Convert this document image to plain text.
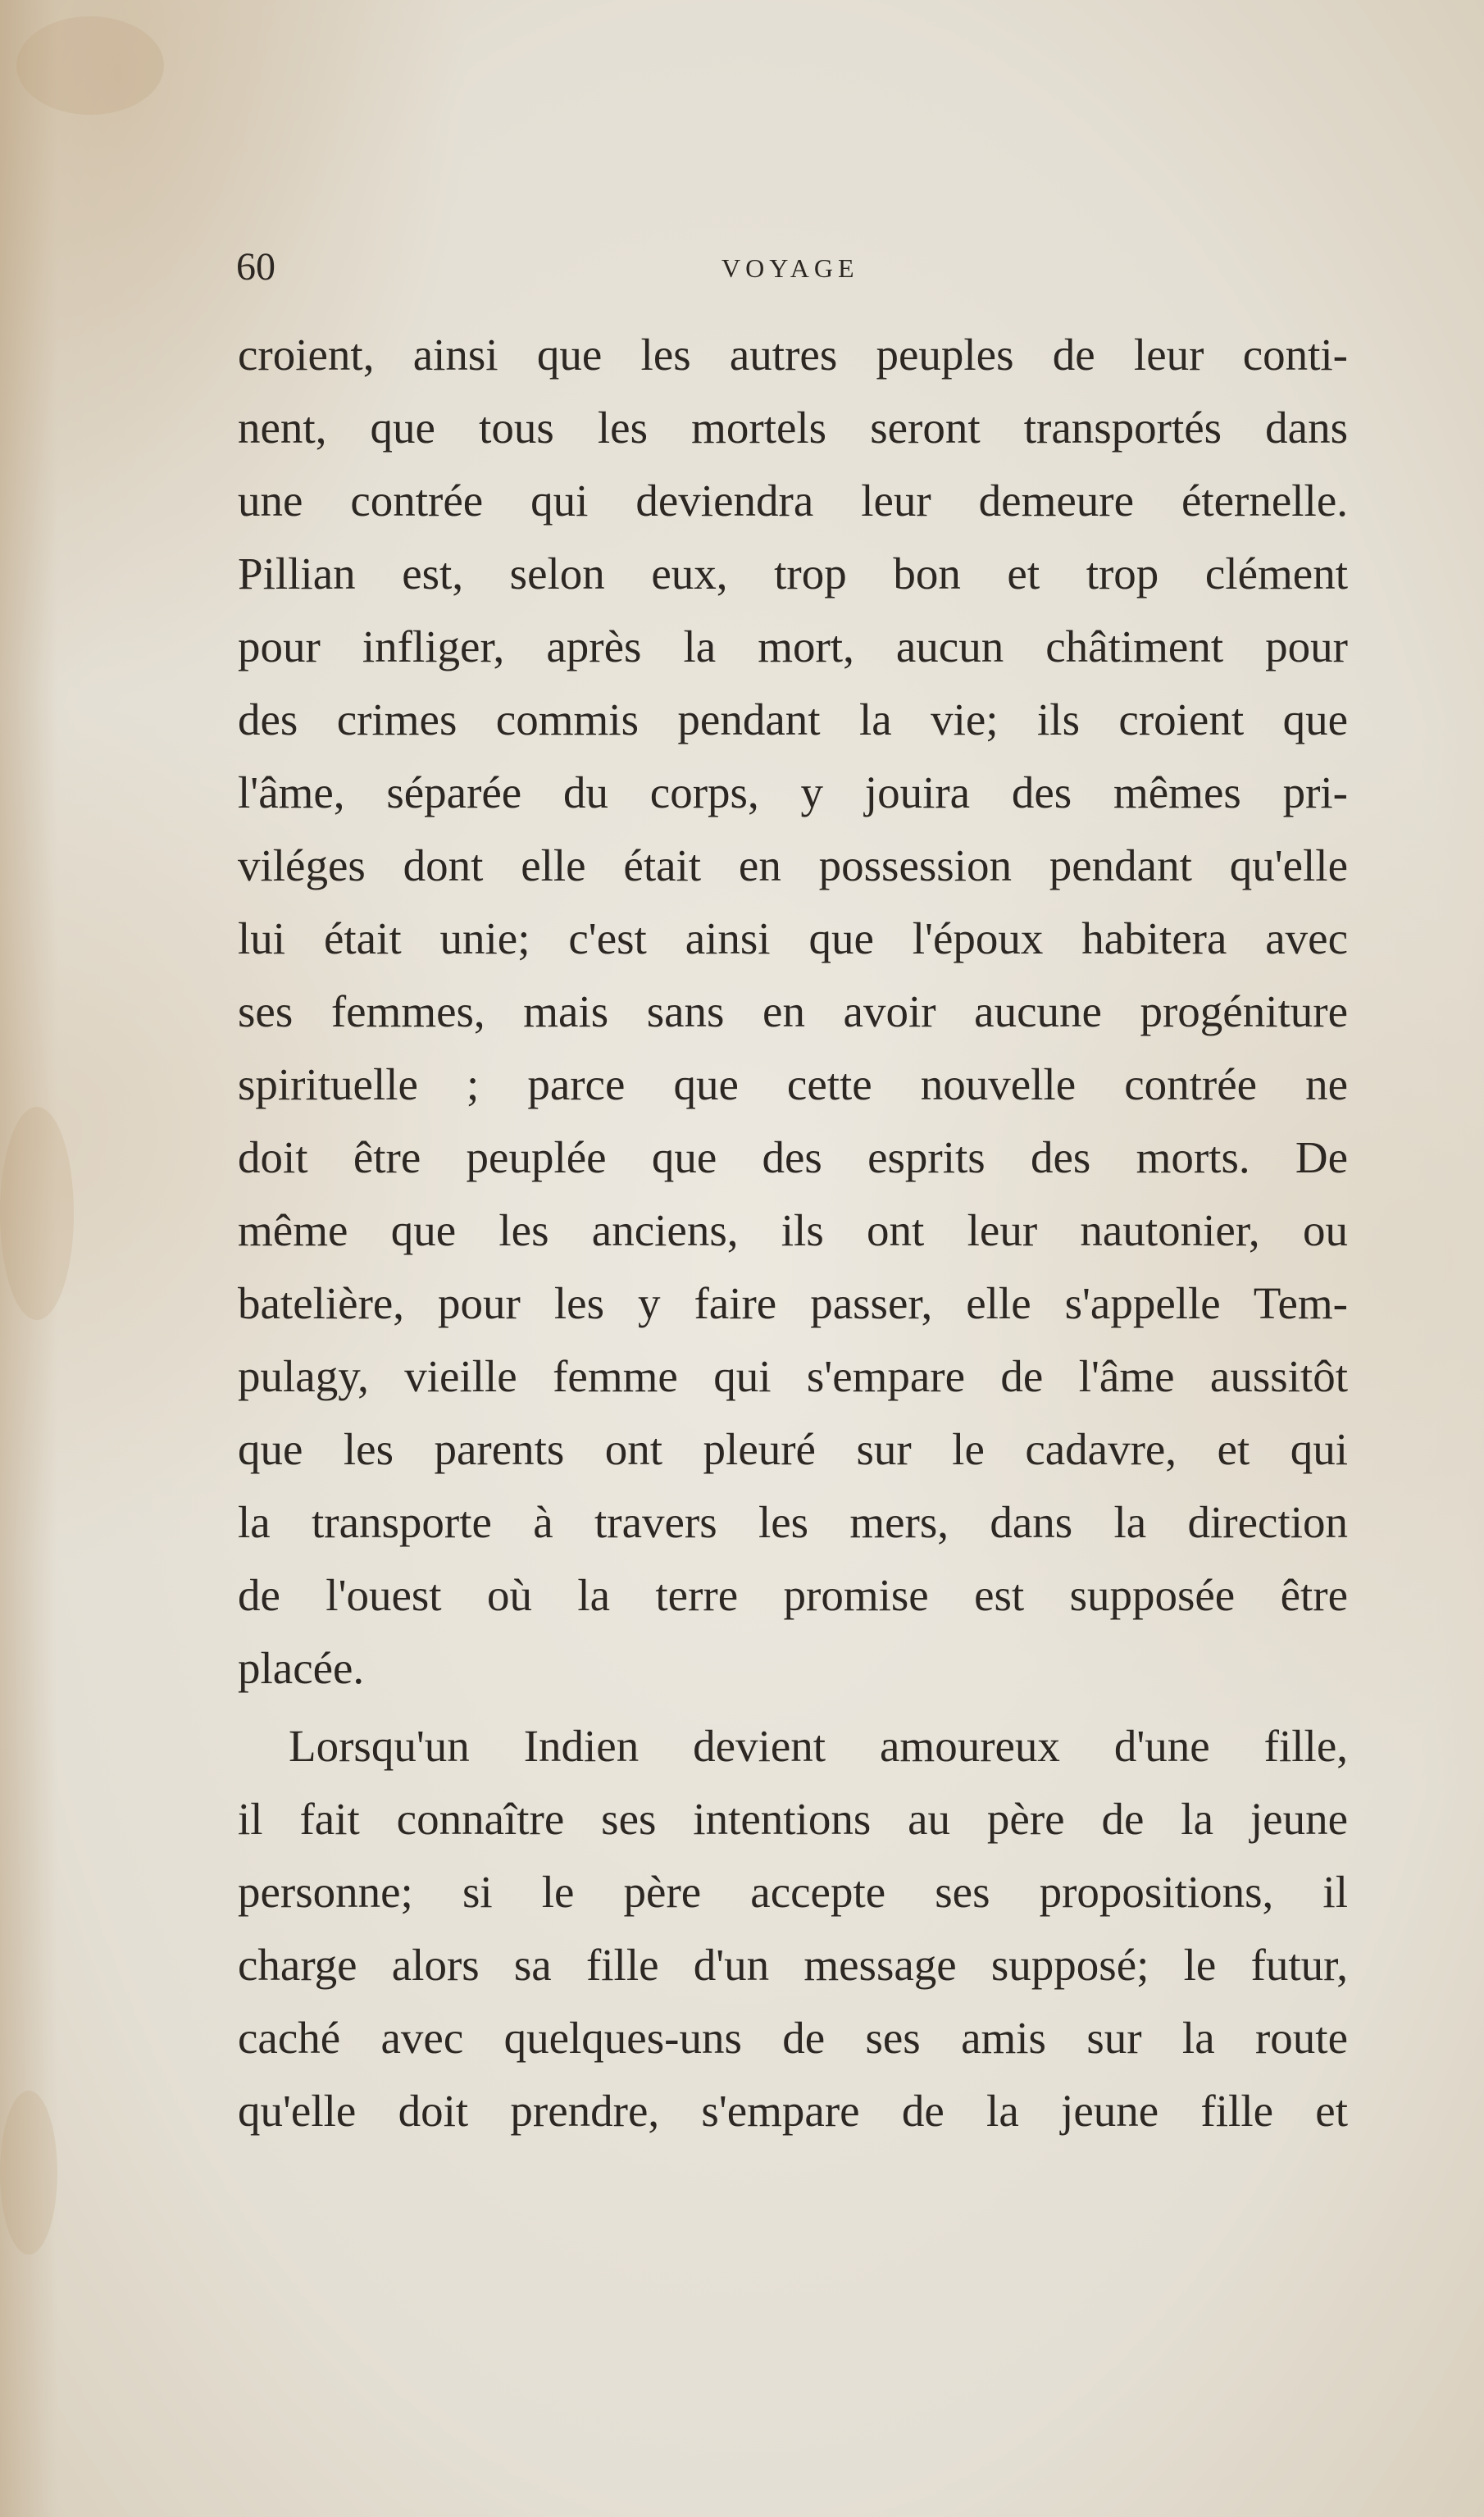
60	VOYAGE
croient, ainsi que les autres peuples de leur conti-
nent, que tous les mortels seront transportés dans
une contrée qui deviendra leur demeure éternelle.
Pillian est, selon eux, trop bon et trop clément
pour infliger, après la mort, aucun châtiment pour
des crimes commis pendant la vie; ils croient que
l'âme, séparée du corps, y jouira des mêmes pri-
viléges dont elle était en possession pendant qu'elle
lui était unie; c'est ainsi que l'époux habitera avec
ses femmes, mais sans en avoir aucune progéniture
spirituelle ; parce que cette nouvelle contrée ne
doit être peuplée que des esprits des morts. De
même que les anciens, ils ont leur nautonier, ou
batelière, pour les y faire passer, elle s'appelle Tem-
pulagy, vieille femme qui s'empare de l'âme aussitôt
que les parents ont pleuré sur le cadavre, et qui
la transporte à travers les mers, dans la direction
de l'ouest où la terre promise est supposée être
placée.
Lorsqu'un Indien devient amoureux d'une fille,
il fait connaître ses intentions au père de la jeune
personne; si le père accepte ses propositions, il
charge alors sa fille d'un message supposé; le futur,
caché avec quelques-uns de ses amis sur la route
qu'elle doit prendre, s'empare de la jeune fille et
